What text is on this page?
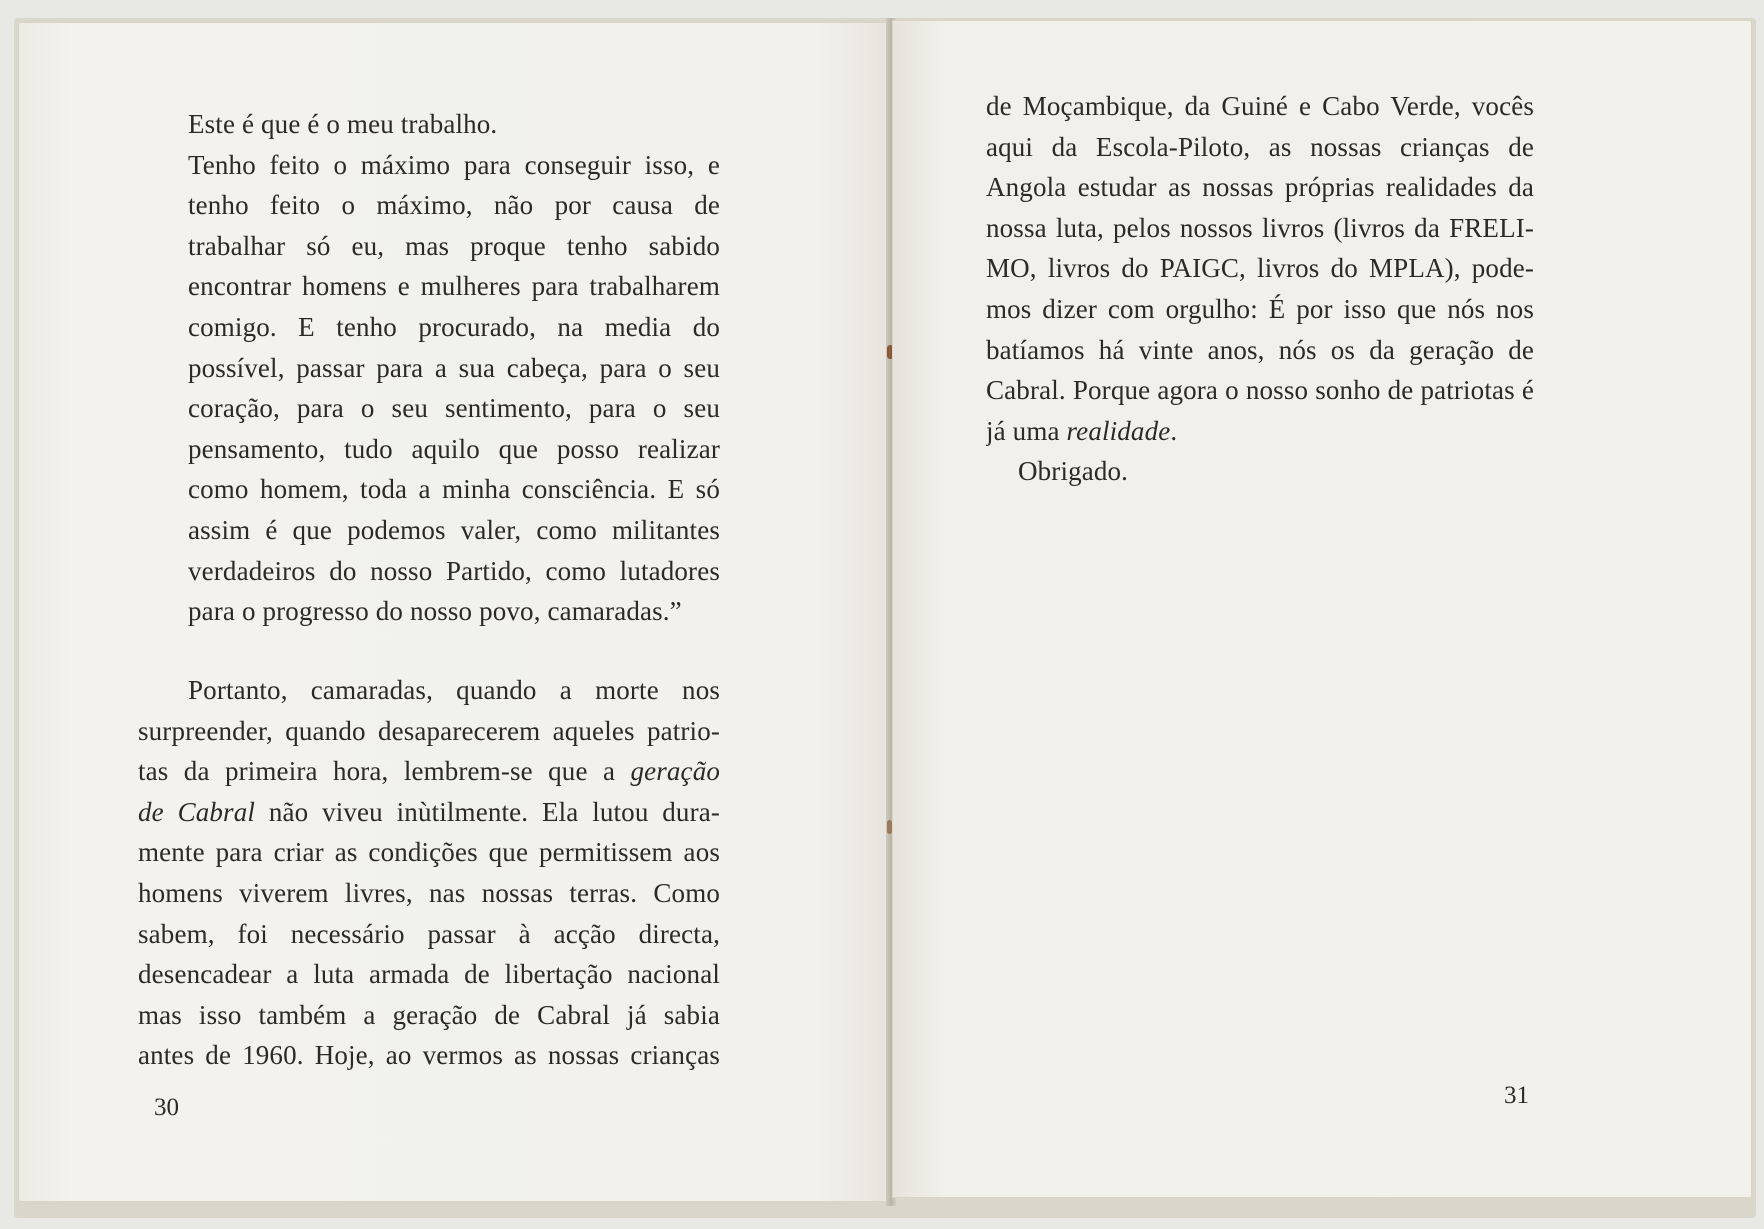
Este é que é o meu trabalho.
Tenho feito o máximo para conseguir isso, e
tenho feito o máximo, não por causa de
trabalhar só eu, mas proque tenho sabido
encontrar homens e mulheres para trabalharem
comigo. E tenho procurado, na media do
possível, passar para a sua cabeça, para o seu
coração, para o seu sentimento, para o seu
pensamento, tudo aquilo que posso realizar
como homem, toda a minha consciência. E só
assim é que podemos valer, como militantes
verdadeiros do nosso Partido, como lutadores
para o progresso do nosso povo, camaradas.”
Portanto, camaradas, quando a morte nos
surpreender, quando desaparecerem aqueles patrio-
tas da primeira hora, lembrem-se que a geração
de Cabral não viveu inùtilmente. Ela lutou dura-
mente para criar as condições que permitissem aos
homens viverem livres, nas nossas terras. Como
sabem, foi necessário passar à acção directa,
desencadear a luta armada de libertação nacional
mas isso também a geração de Cabral já sabia
antes de 1960. Hoje, ao vermos as nossas crianças
30
de Moçambique, da Guiné e Cabo Verde, vocês
aqui da Escola-Piloto, as nossas crianças de
Angola estudar as nossas próprias realidades da
nossa luta, pelos nossos livros (livros da FRELI-
MO, livros do PAIGC, livros do MPLA), pode-
mos dizer com orgulho: É por isso que nós nos
batíamos há vinte anos, nós os da geração de
Cabral. Porque agora o nosso sonho de patriotas é
já uma realidade.
Obrigado.
31
